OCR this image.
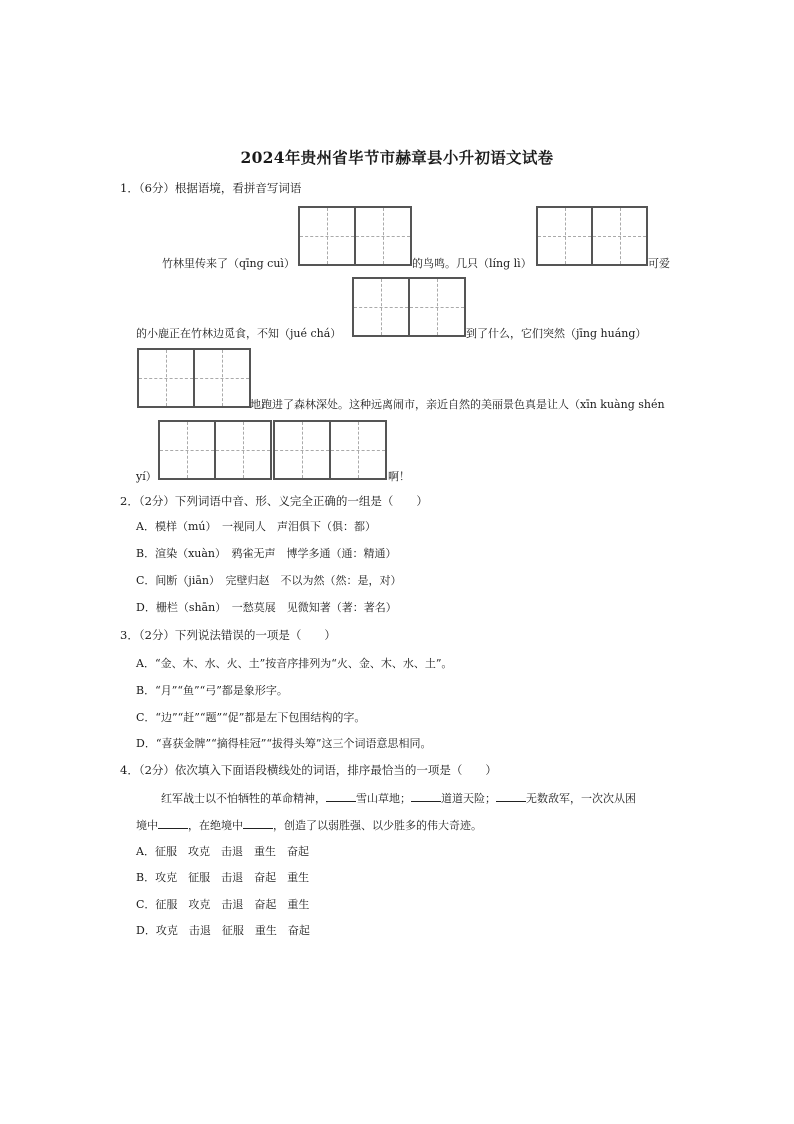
2024年贵州省毕节市赫章县小升初语文试卷
1．（6分）根据语境，看拼音写词语
竹林里传来了（qīng cuì）	的鸟鸣。几只（líng lì）	可爱
的小鹿正在竹林边觅食，不知（jué chá）	到了什么，它们突然（jīng huáng）
地跑进了森林深处。这种远离闹市，亲近自然的美丽景色真是让人（xīn kuàng shén
yí）	啊！
2．（2分）下列词语中音、形、义完全正确的一组是（　　）
A．模样（mú）　一视同人　声泪俱下（俱：都）
B．渲染（xuàn）　鸦雀无声　博学多通（通：精通）
C．间断（jiān）　完壁归赵　不以为然（然：是，对）
D．栅栏（shān）　一愁莫展　见微知著（著：著名）
3．（2分）下列说法错误的一项是（　　）
A．“金、木、水、火、土”按音序排列为“火、金、木、水、土”。
B．“月”“鱼”“弓”都是象形字。
C．“边”“赶”“题”“促”都是左下包围结构的字。
D．“喜获金牌”“摘得桂冠”“拔得头筹”这三个词语意思相同。
4．（2分）依次填入下面语段横线处的词语，排序最恰当的一项是（　　）
红军战士以不怕牺牲的革命精神，	雪山草地；	道道天险；	无数敌军，一次次从困
境中	，在绝境中	，创造了以弱胜强、以少胜多的伟大奇迹。
A．征服　攻克　击退　重生　奋起
B．攻克　征服　击退　奋起　重生
C．征服　攻克　击退　奋起　重生
D．攻克　击退　征服　重生　奋起
